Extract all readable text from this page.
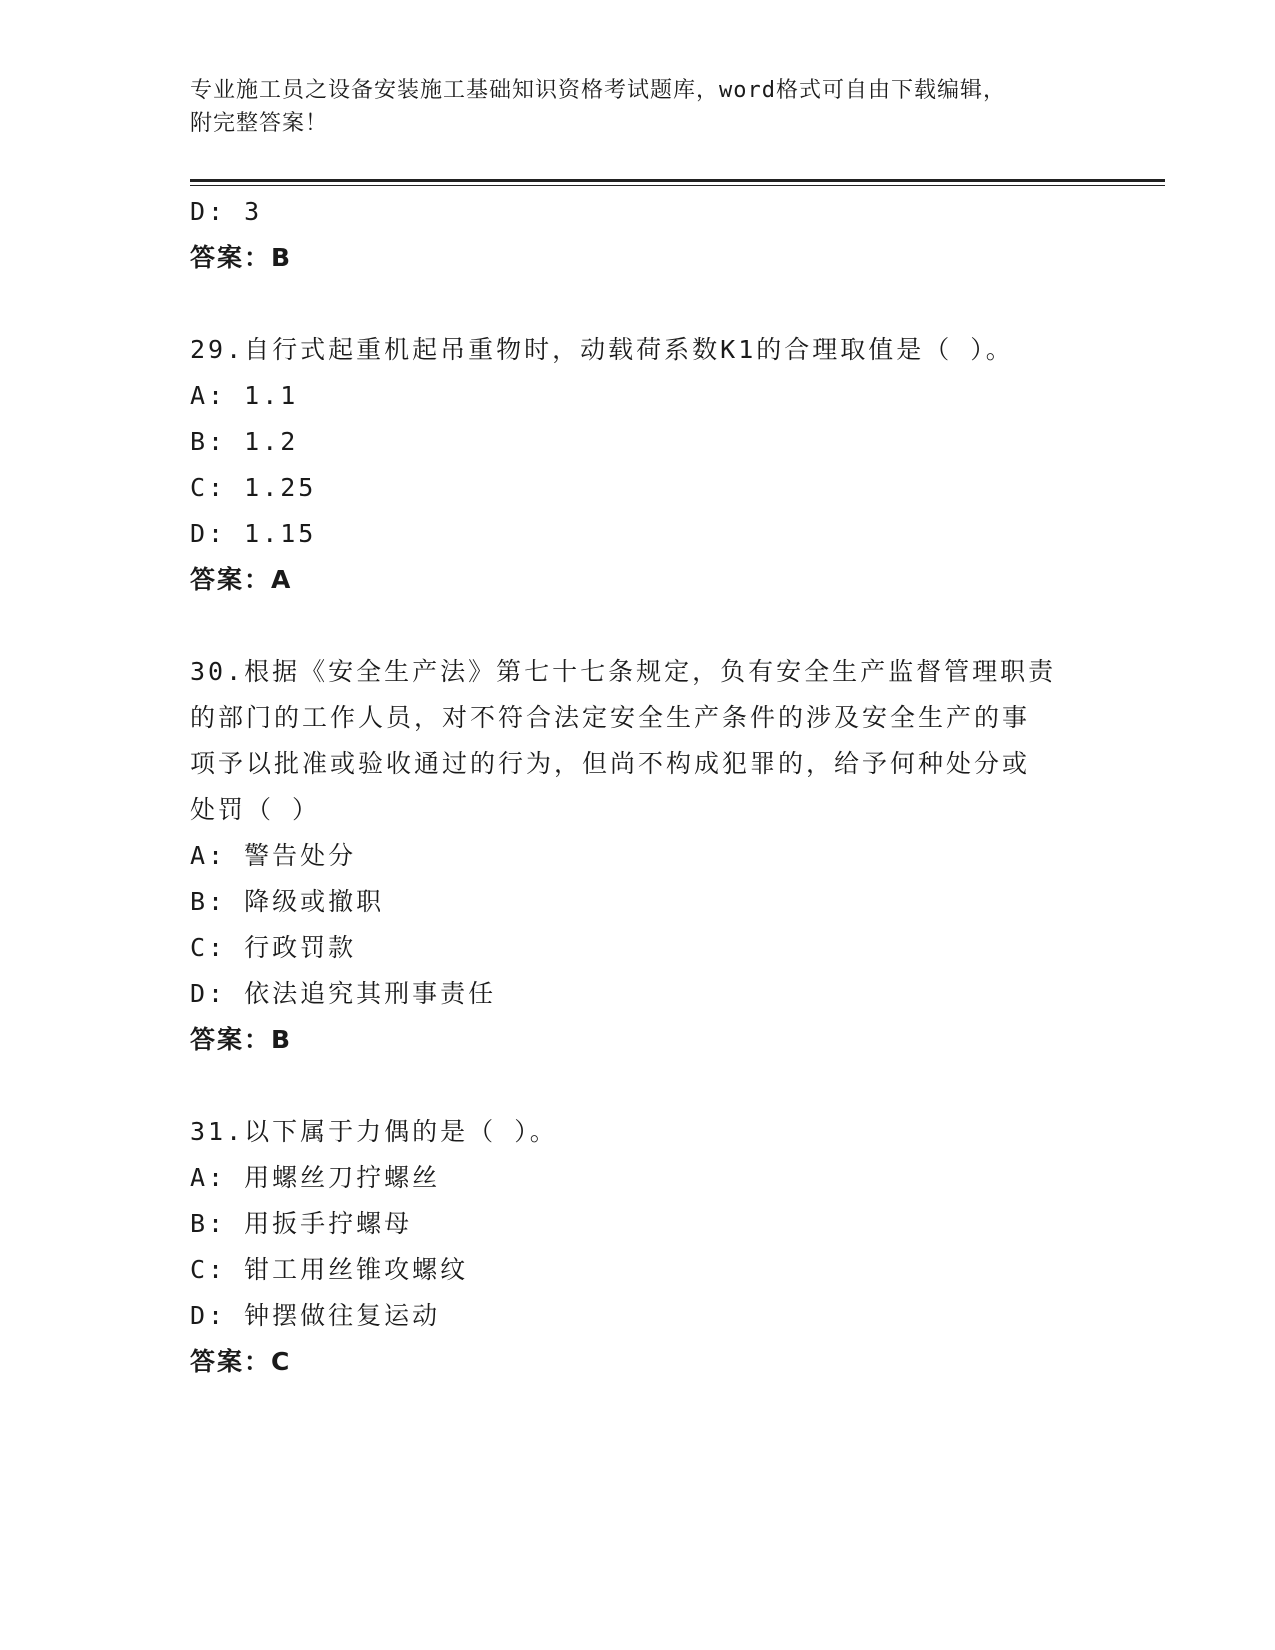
专业施工员之设备安装施工基础知识资格考试题库，word格式可自由下载编辑，
附完整答案！
D: 3
答案：B
29.自行式起重机起吊重物时，动载荷系数K1的合理取值是（ ）。
A: 1.1
B: 1.2
C: 1.25
D: 1.15
答案：A
30.根据《安全生产法》第七十七条规定，负有安全生产监督管理职责
的部门的工作人员，对不符合法定安全生产条件的涉及安全生产的事
项予以批准或验收通过的行为，但尚不构成犯罪的，给予何种处分或
处罚（ ）
A: 警告处分
B: 降级或撤职
C: 行政罚款
D: 依法追究其刑事责任
答案：B
31.以下属于力偶的是（ ）。
A: 用螺丝刀拧螺丝
B: 用扳手拧螺母
C: 钳工用丝锥攻螺纹
D: 钟摆做往复运动
答案：C
